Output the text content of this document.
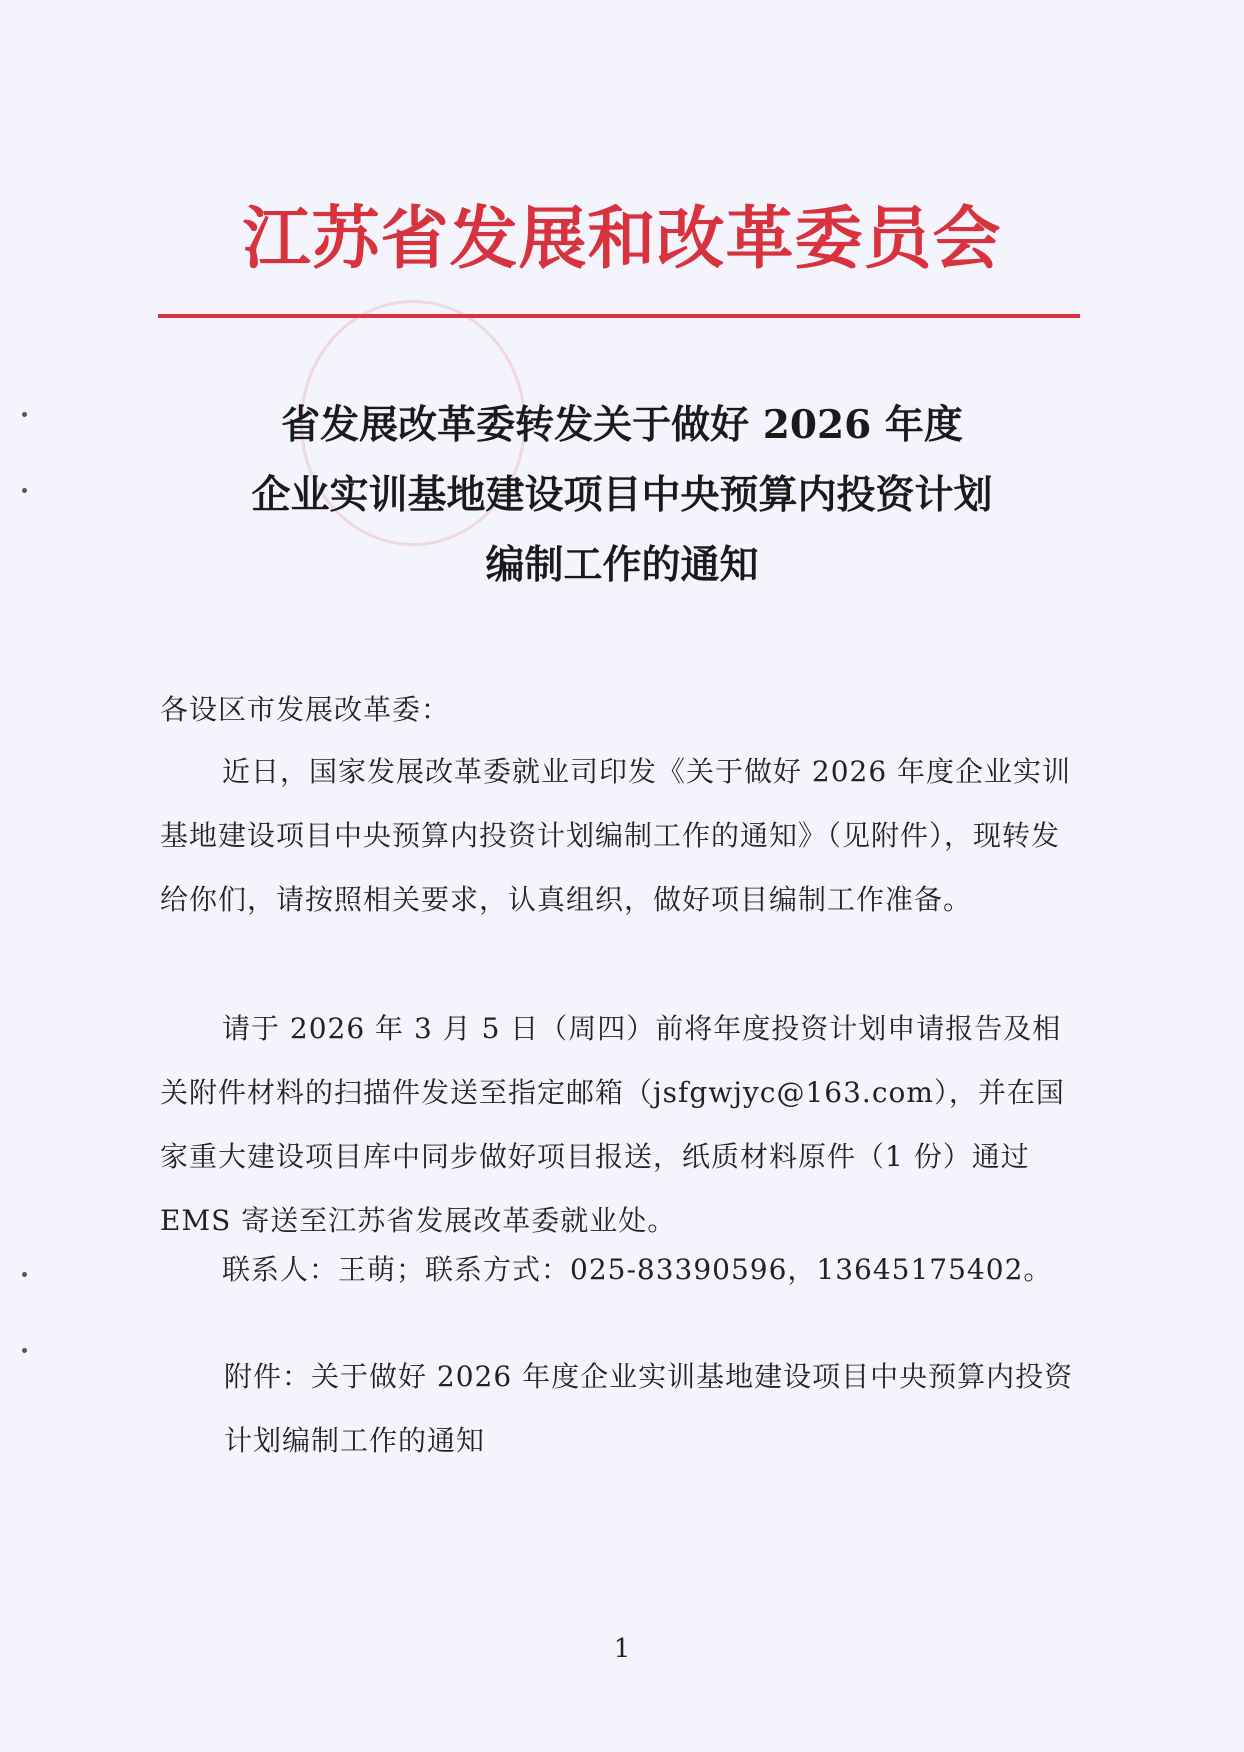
江苏省发展和改革委员会
省发展改革委转发关于做好 2026 年度
企业实训基地建设项目中央预算内投资计划
编制工作的通知
各设区市发展改革委：
近日，国家发展改革委就业司印发《关于做好 2026 年度企业实训基地建设项目中央预算内投资计划编制工作的通知》（见附件），现转发给你们，请按照相关要求，认真组织，做好项目编制工作准备。
请于 2026 年 3 月 5 日（周四）前将年度投资计划申请报告及相关附件材料的扫描件发送至指定邮箱（jsfgwjyc@163.com），并在国家重大建设项目库中同步做好项目报送，纸质材料原件（1 份）通过 EMS 寄送至江苏省发展改革委就业处。
联系人：王萌；联系方式：025-83390596，13645175402。
附件：关于做好 2026 年度企业实训基地建设项目中央预算内投资计划编制工作的通知
1
